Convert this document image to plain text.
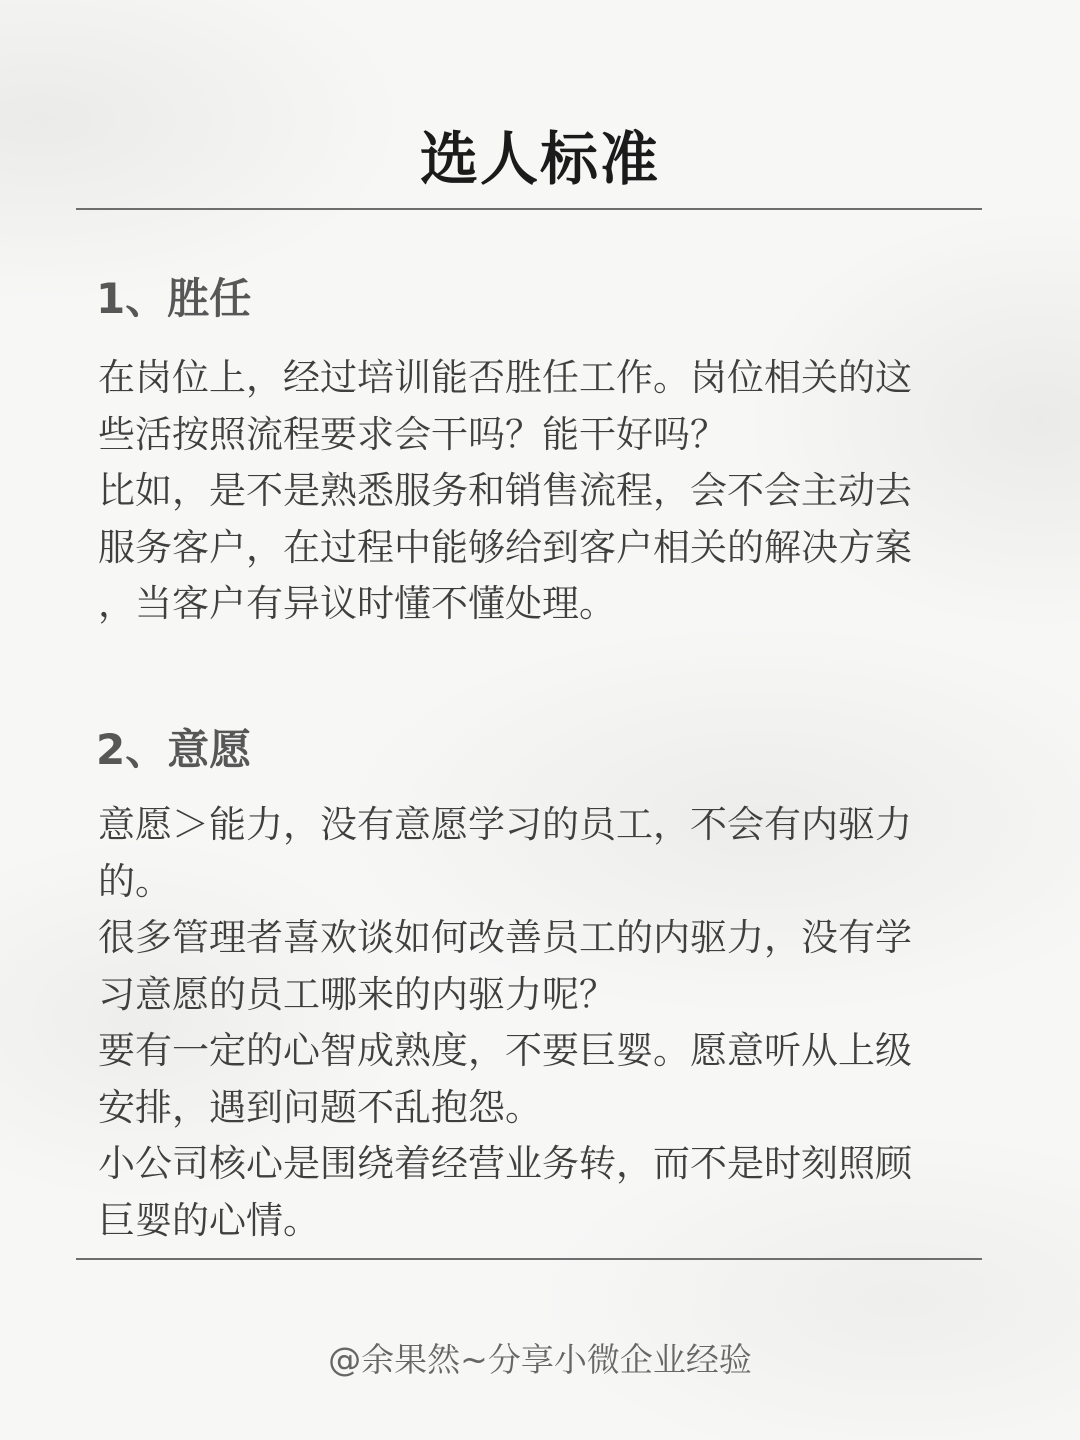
选人标准
1、胜任
在岗位上，经过培训能否胜任工作。岗位相关的这
些活按照流程要求会干吗？能干好吗？
比如，是不是熟悉服务和销售流程，会不会主动去
服务客户，在过程中能够给到客户相关的解决方案
，当客户有异议时懂不懂处理。
2、意愿
意愿＞能力，没有意愿学习的员工，不会有内驱力
的。
很多管理者喜欢谈如何改善员工的内驱力，没有学
习意愿的员工哪来的内驱力呢？
要有一定的心智成熟度，不要巨婴。愿意听从上级
安排，遇到问题不乱抱怨。
小公司核心是围绕着经营业务转，而不是时刻照顾
巨婴的心情。
@余果然~分享小微企业经验
